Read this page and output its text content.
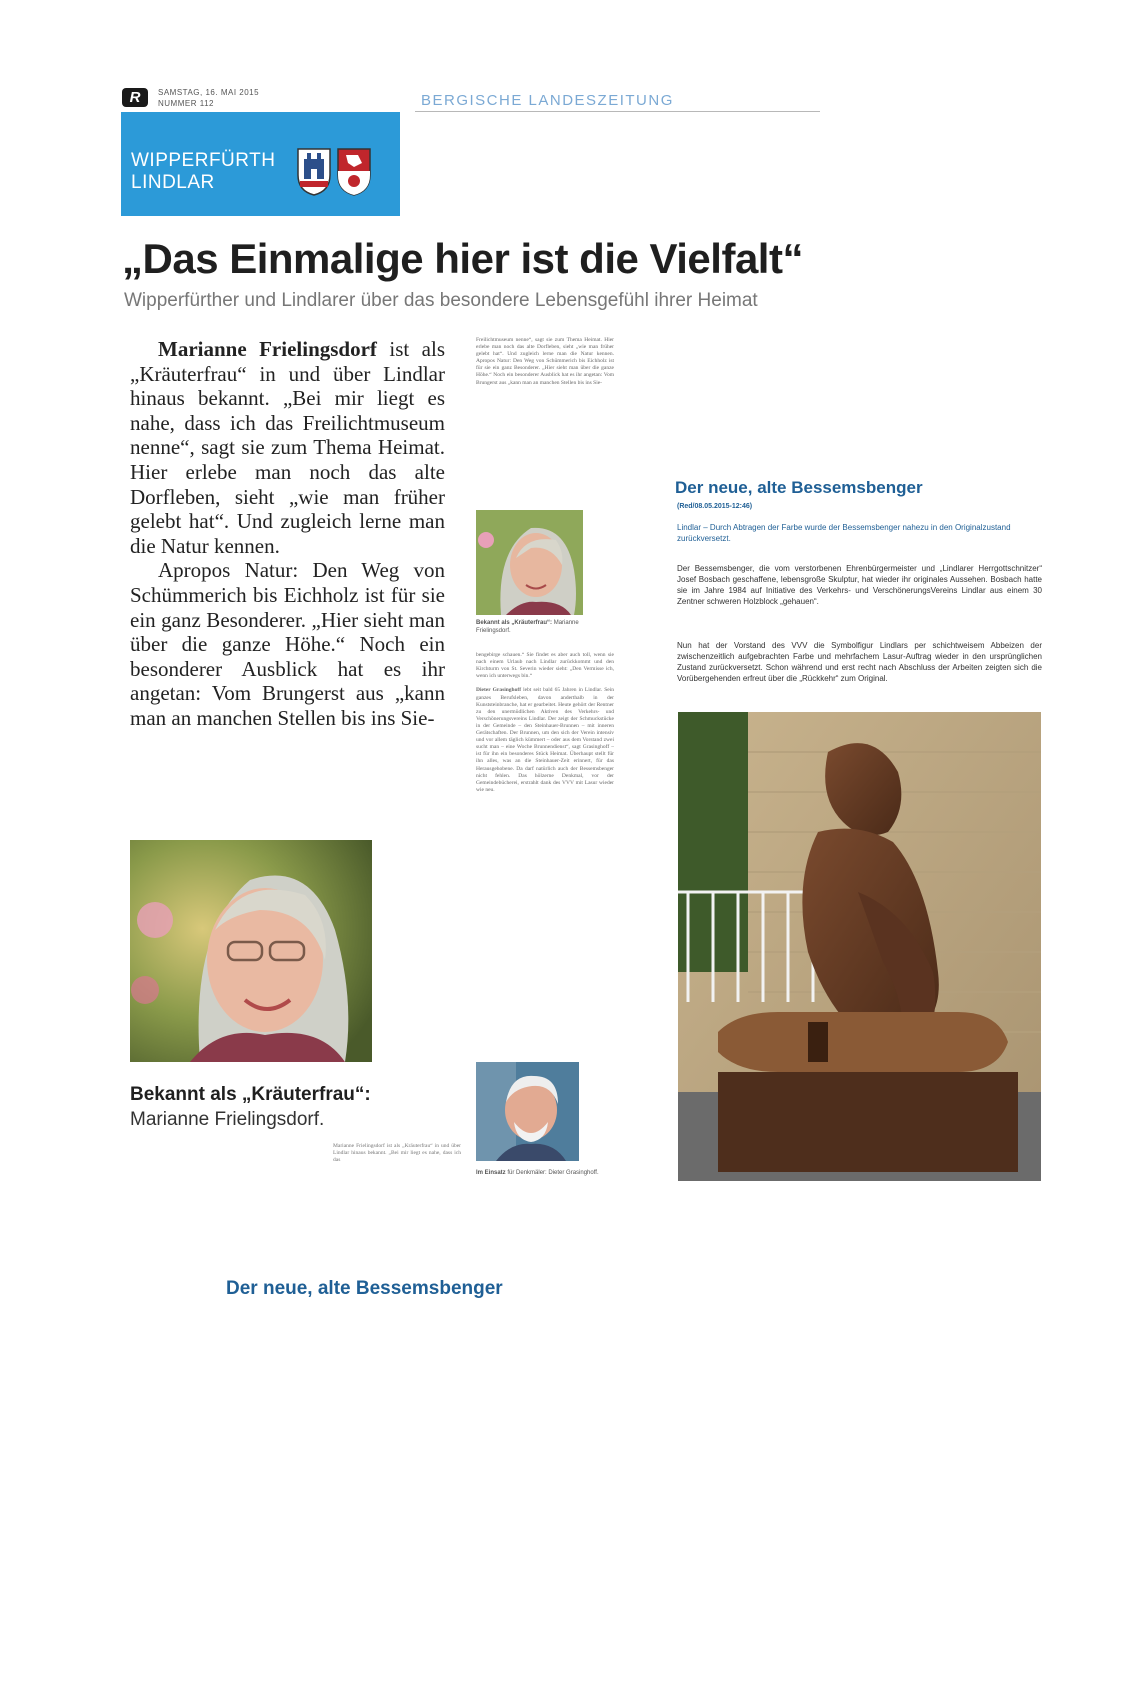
R	SAMSTAG, 16. MAI 2015
NUMMER 112	BERGISCHE LANDESZEITUNG
WIPPERFÜRTH
LINDLAR
„Das Einmalige hier ist die Vielfalt“
Wipperfürther und Lindlarer über das besondere Lebensgefühl ihrer Heimat

Marianne Frielingsdorf ist als „Kräuterfrau“ in und über Lindlar hinaus bekannt. „Bei mir liegt es nahe, dass ich das Freilichtmuseum nenne“, sagt sie zum Thema Heimat. Hier erlebe man noch das alte Dorfleben, sieht „wie man früher gelebt hat“. Und zugleich lerne man die Natur kennen.

Apropos Natur: Den Weg von Schümmerich bis Eichholz ist für sie ein ganz Besonderer. „Hier sieht man über die ganze Höhe.“ Noch ein besonderer Ausblick hat es ihr angetan: Vom Brungerst aus „kann man an manchen Stellen bis ins Sie-

Bekannt als „Kräuterfrau“: Marianne Frielingsdorf.
Marianne Frielingsdorf ist als „Kräuterfrau“ in und über Lindlar hinaus bekannt. „Bei mir liegt es nahe, dass ich das
Freilichtmuseum nenne“, sagt sie zum Thema Heimat. Hier erlebe man noch das alte Dorfleben, sieht „wie man früher gelebt hat“. Und zugleich lerne man die Natur kennen. Apropos Natur: Den Weg von Schümmerich bis Eichholz ist für sie ein ganz Besonderer. „Hier sieht man über die ganze Höhe.“ Noch ein besonderer Ausblick hat es ihr angetan: Vom Brungerst aus „kann man an manchen Stellen bis ins Sie-
Bekannt als „Kräuterfrau“: Marianne Frielingsdorf.
bengebirge schauen.“ Sie findet es aber auch toll, wenn sie nach einem Urlaub nach Lindlar zurückkommt und den Kirchturm von St. Severin wieder sieht: „Den Vermisse ich, wenn ich unterwegs bin.“

Dieter Grasinghoff lebt seit bald 65 Jahren in Lindlar. Sein ganzes Berufsleben, davon anderthalb in der Kunststeinbranche, hat er gearbeitet. Heute gehört der Rentner zu den unermüdlichen Aktiven des Verkehrs- und Verschönerungsvereins Lindlar. Der zeigt der Schmuckstücke in der Gemeinde – den Steinhauer-Brunnen – mit inneren Gerätschaften. Der Brunnen, um den sich der Verein intensiv und vor allem täglich kümmert – oder aus dem Vorstand zwei sucht man – eine Woche Brunnendienst“, sagt Grasinghoff – ist für ihn ein besonderes Stück Heimat. Überhaupt stellt für ihn alles, was an die Steinhauer-Zeit erinnert, für das Herausgehobene. Da darf natürlich auch der Bessemsbenger nicht fehlen. Das hölzerne Denkmal, vor der Gemeindebücherei, erstrahlt dank des VVV mit Lasur wieder wie neu.
Im Einsatz für Denkmäler: Dieter Grasinghoff.
Der neue, alte Bessemsbenger
(Red/08.05.2015-12:46)
Lindlar – Durch Abtragen der Farbe wurde der Bessemsbenger nahezu in den Originalzustand zurückversetzt.
Der Bessemsbenger, die vom verstorbenen Ehrenbürgermeister und „Lindlarer Herrgottschnitzer“ Josef Bosbach geschaffene, lebensgroße Skulptur, hat wieder ihr originales Aussehen. Bosbach hatte sie im Jahre 1984 auf Initiative des Verkehrs- und VerschönerungsVereins Lindlar aus einem 30 Zentner schweren Holzblock „gehauen“.
Nun hat der Vorstand des VVV die Symbolfigur Lindlars per schichtweisem Abbeizen der zwischenzeitlich aufgebrachten Farbe und mehrfachem Lasur-Auftrag wieder in den ursprünglichen Zustand zurückversetzt. Schon während und erst recht nach Abschluss der Arbeiten zeigten sich die Vorübergehenden erfreut über die „Rückkehr“ zum Original.
Der neue, alte Bessemsbenger
